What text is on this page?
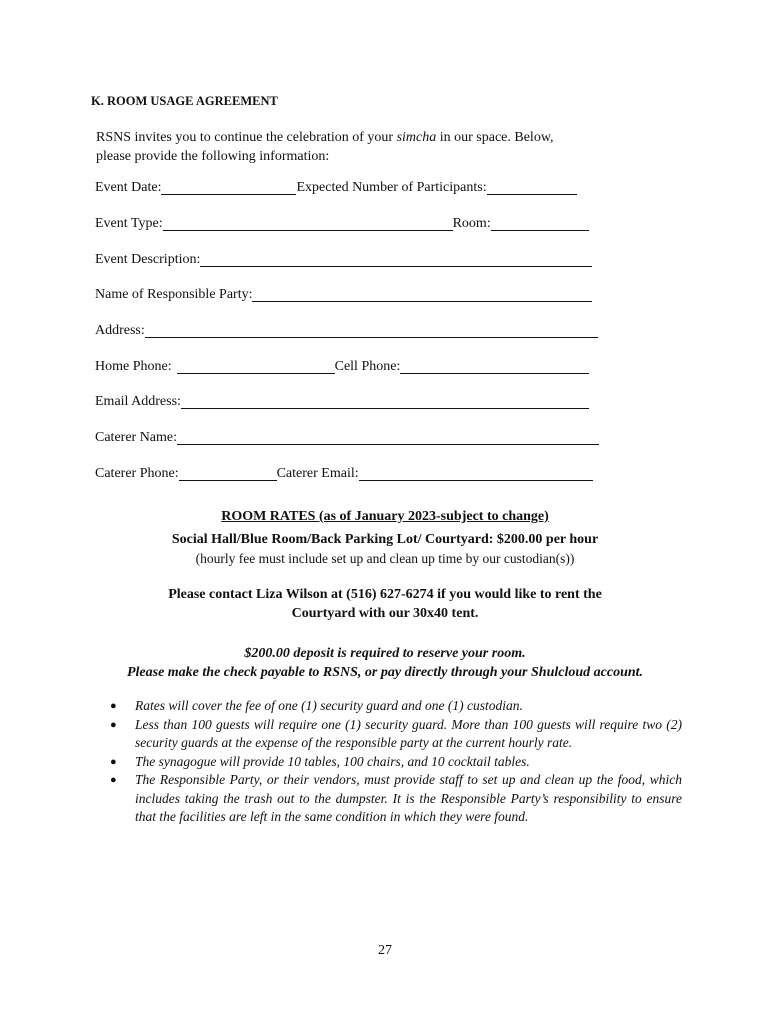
K. ROOM USAGE AGREEMENT
RSNS invites you to continue the celebration of your simcha in our space. Below,
please provide the following information:
Event Date:	Expected Number of Participants:
Event Type:	Room:
Event Description:
Name of Responsible Party:
Address:
Home Phone:	Cell Phone:
Email Address:
Caterer Name:
Caterer Phone:	Caterer Email:
ROOM RATES (as of January 2023-subject to change)
Social Hall/Blue Room/Back Parking Lot/ Courtyard: $200.00 per hour
(hourly fee must include set up and clean up time by our custodian(s))
Please contact Liza Wilson at (516) 627-6274 if you would like to rent the
Courtyard with our 30x40 tent.
$200.00 deposit is required to reserve your room.
Please make the check payable to RSNS, or pay directly through your Shulcloud account.
● Rates will cover the fee of one (1) security guard and one (1) custodian.
● Less than 100 guests will require one (1) security guard. More than 100 guests will require two (2) security guards at the expense of the responsible party at the current hourly rate.
● The synagogue will provide 10 tables, 100 chairs, and 10 cocktail tables.
● The Responsible Party, or their vendors, must provide staff to set up and clean up the food, which includes taking the trash out to the dumpster. It is the Responsible Party’s responsibility to ensure that the facilities are left in the same condition in which they were found.
27
